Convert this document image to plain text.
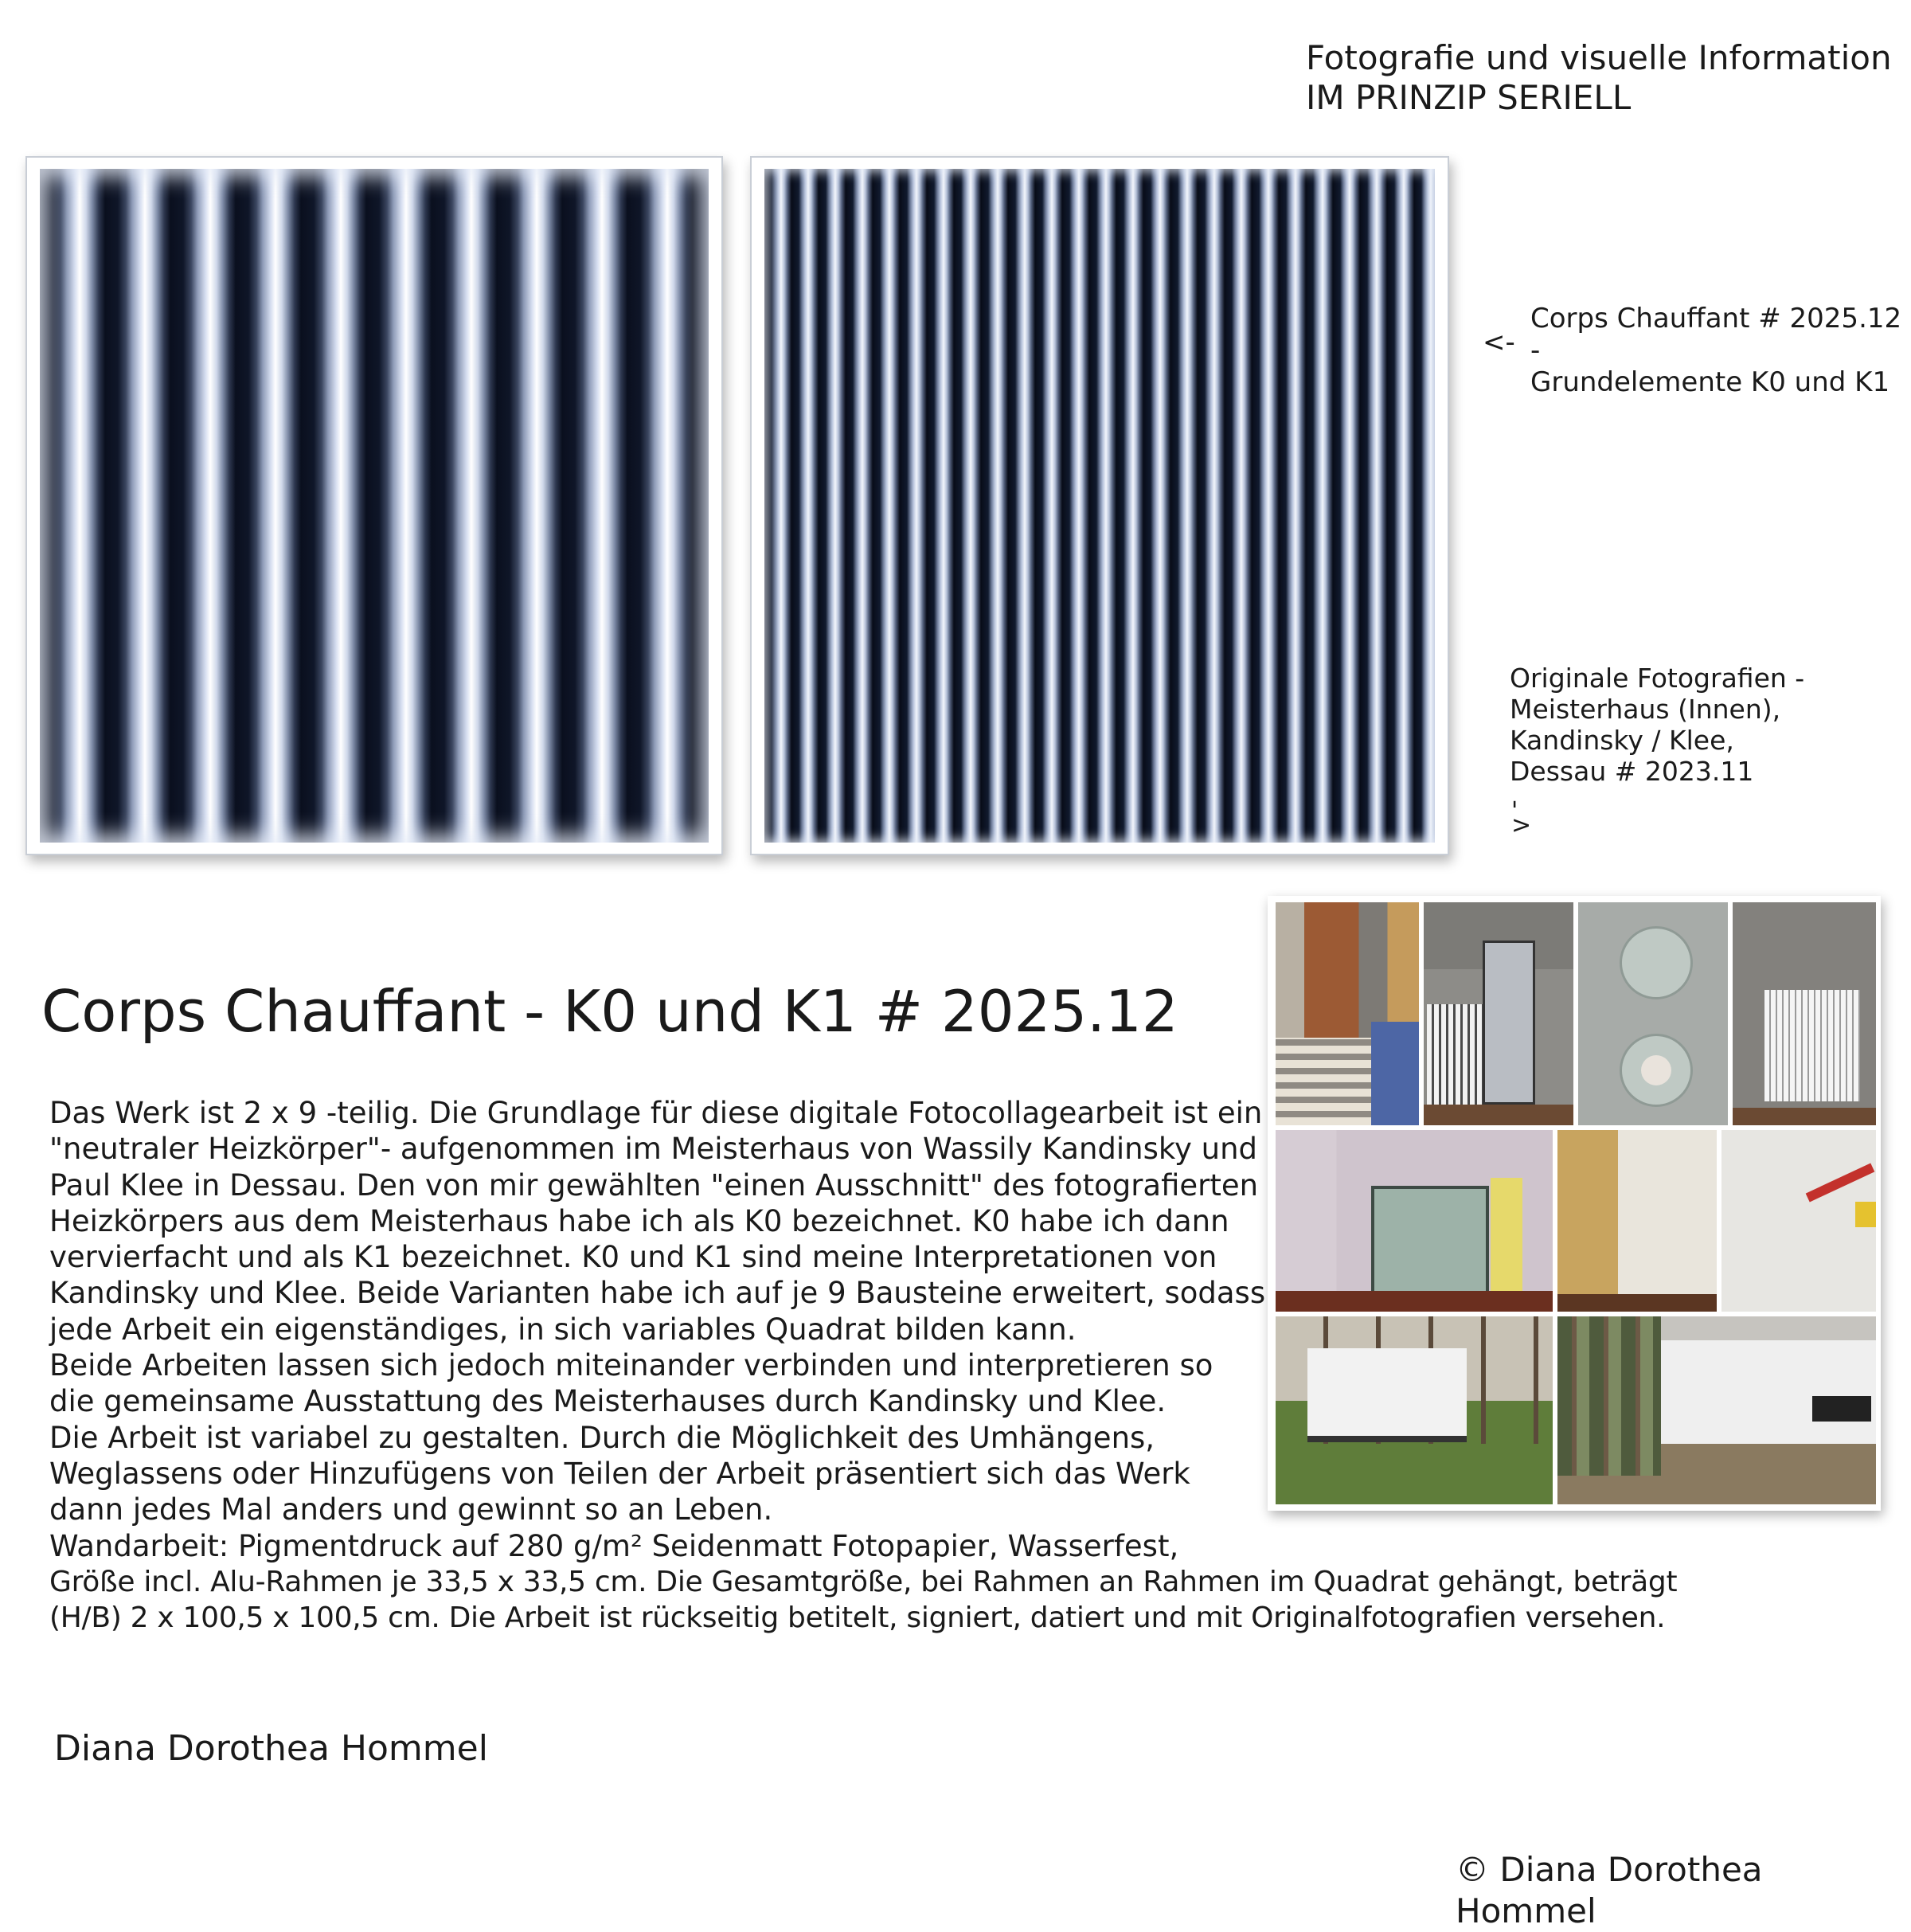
Fotografie und visuelle Information
IM PRINZIP SERIELL
<-
Corps Chauffant # 2025.12 -
Grundelemente K0 und K1
Originale Fotografien -
Meisterhaus (Innen),
Kandinsky / Klee,
Dessau # 2023.11
'
>
Corps Chauffant - K0 und K1 # 2025.12
Das Werk ist 2 x 9 -teilig. Die Grundlage für diese digitale Fotocollagearbeit ist ein
"neutraler Heizkörper"- aufgenommen im Meisterhaus von Wassily Kandinsky und
Paul Klee in Dessau. Den von mir gewählten "einen Ausschnitt" des fotografierten
Heizkörpers aus dem Meisterhaus habe ich als K0 bezeichnet. K0 habe ich dann
vervierfacht und als K1 bezeichnet. K0 und K1 sind meine Interpretationen von
Kandinsky und Klee. Beide Varianten habe ich auf je 9 Bausteine erweitert, sodass
jede Arbeit ein eigenständiges, in sich variables Quadrat bilden kann.
Beide Arbeiten lassen sich jedoch miteinander verbinden und interpretieren so
die gemeinsame Ausstattung des Meisterhauses durch Kandinsky und Klee.
Die Arbeit ist variabel zu gestalten. Durch die Möglichkeit des Umhängens,
Weglassens oder Hinzufügens von Teilen der Arbeit präsentiert sich das Werk
dann jedes Mal anders und gewinnt so an Leben.
Wandarbeit: Pigmentdruck auf 280 g/m² Seidenmatt Fotopapier, Wasserfest,
Größe incl. Alu-Rahmen je 33,5 x 33,5 cm. Die Gesamtgröße, bei Rahmen an Rahmen im Quadrat gehängt, beträgt
(H/B) 2 x 100,5 x 100,5 cm. Die Arbeit ist rückseitig betitelt, signiert, datiert und mit Originalfotografien versehen.
Diana Dorothea Hommel
© Diana Dorothea Hommel
